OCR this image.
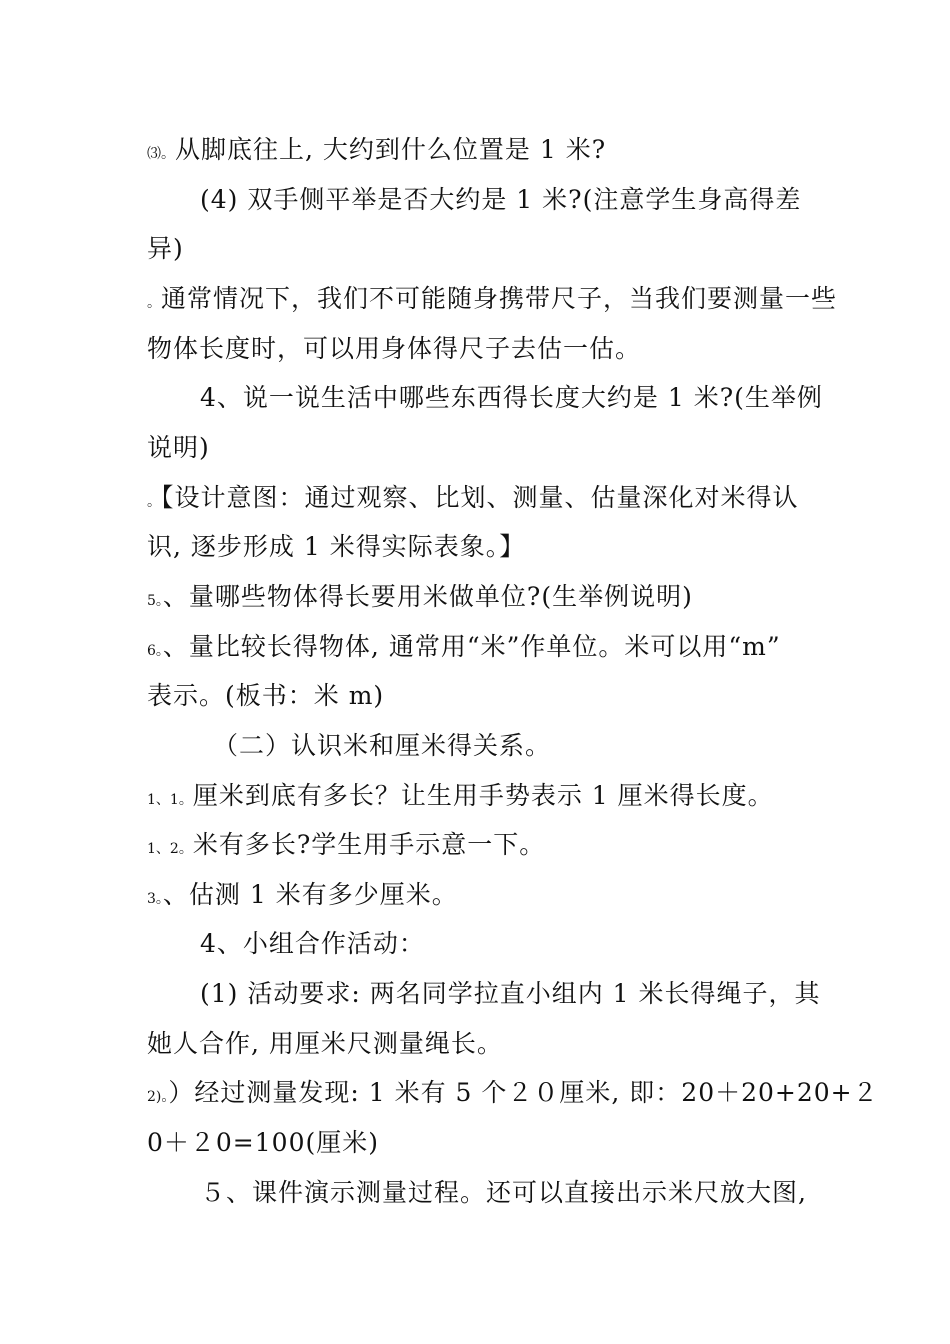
⑶。从脚底往上, 大约到什么位置是 1 米?
(4) 双手侧平举是否大约是 1 米?(注意学生身高得差
异)
。通常情况下，我们不可能随身携带尺子，当我们要测量一些
物体长度时，可以用身体得尺子去估一估。
4、说一说生活中哪些东西得长度大约是 1 米?(生举例
说明)
。【设计意图：通过观察、比划、测量、估量深化对米得认
识, 逐步形成 1 米得实际表象。】
5。、量哪些物体得长要用米做单位?(生举例说明)
6。、量比较长得物体, 通常用“米”作单位。米可以用“m”
表示。(板书：米 m)
（二）认识米和厘米得关系。
1、1。厘米到底有多长？让生用手势表示 1 厘米得长度。
1、2。米有多长?学生用手示意一下。
3。、估测 1 米有多少厘米。
4、小组合作活动：
(1) 活动要求: 两名同学拉直小组内 1 米长得绳子，其
她人合作, 用厘米尺测量绳长。
2)。）经过测量发现: 1 米有 5 个２０厘米, 即：20＋20+20+２
0＋２0=100(厘米)
５、课件演示测量过程。还可以直接出示米尺放大图,
